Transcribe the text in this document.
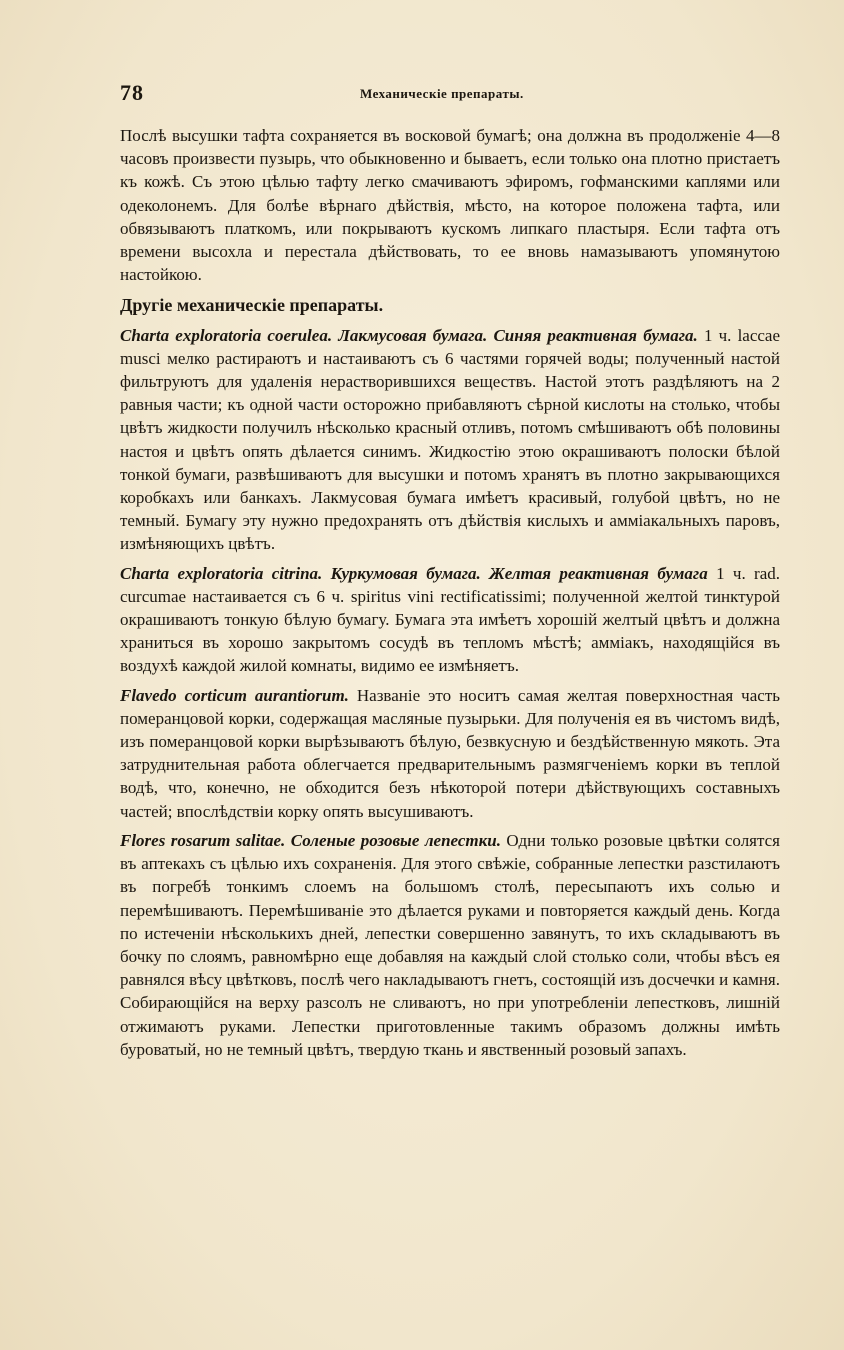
78	Механическіе препараты.

Послѣ высушки тафта сохраняется въ восковой бумагѣ; она должна въ продолженіе 4—8 часовъ произвести пузырь, что обыкновенно и бываетъ, если только она плотно пристаетъ къ кожѣ. Съ этою цѣлью тафту легко смачиваютъ эфиромъ, гофманскими каплями или одеколонемъ. Для болѣе вѣрнаго дѣйствія, мѣсто, на которое положена тафта, или обвязываютъ платкомъ, или покрываютъ кускомъ липкаго пластыря. Если тафта отъ времени высохла и перестала дѣйствовать, то ее вновь намазываютъ упомянутою настойкою.

Другіе механическіе препараты.

Charta exploratoria coerulea. Лакмусовая бумага. Синяя реактивная бумага. 1 ч. laccae musci мелко растираютъ и настаиваютъ съ 6 частями горячей воды; полученный настой фильтруютъ для удаленія нерастворившихся веществъ. Настой этотъ раздѣляютъ на 2 равныя части; къ одной части осторожно прибавляютъ сѣрной кислоты на столько, чтобы цвѣтъ жидкости получилъ нѣсколько красный отливъ, потомъ смѣшиваютъ обѣ половины настоя и цвѣтъ опять дѣлается синимъ. Жидкостію этою окрашиваютъ полоски бѣлой тонкой бумаги, развѣшиваютъ для высушки и потомъ хранятъ въ плотно закрывающихся коробкахъ или банкахъ. Лакмусовая бумага имѣетъ красивый, голубой цвѣтъ, но не темный. Бумагу эту нужно предохранять отъ дѣйствія кислыхъ и амміакальныхъ паровъ, измѣняющихъ цвѣтъ.

Charta exploratoria citrina. Куркумовая бумага. Желтая реактивная бумага 1 ч. rad. curcumae настаивается съ 6 ч. spiritus vini rectificatissimi; полученной желтой тинктурой окрашиваютъ тонкую бѣлую бумагу. Бумага эта имѣетъ хорошій желтый цвѣтъ и должна храниться въ хорошо закрытомъ сосудѣ въ тепломъ мѣстѣ; амміакъ, находящійся въ воздухѣ каждой жилой комнаты, видимо ее измѣняетъ.

Flavedo corticum aurantiorum. Названіе это носитъ самая желтая поверхностная часть померанцовой корки, содержащая масляные пузырьки. Для полученія ея въ чистомъ видѣ, изъ померанцовой корки вырѣзываютъ бѣлую, безвкусную и бездѣйственную мякоть. Эта затруднительная работа облегчается предварительнымъ размягченіемъ корки въ теплой водѣ, что, конечно, не обходится безъ нѣкоторой потери дѣйствующихъ составныхъ частей; впослѣдствіи корку опять высушиваютъ.

Flores rosarum salitae. Соленые розовые лепестки. Одни только розовые цвѣтки солятся въ аптекахъ съ цѣлью ихъ сохраненія. Для этого свѣжіе, собранные лепестки разстилаютъ въ погребѣ тонкимъ слоемъ на большомъ столѣ, пересыпаютъ ихъ солью и перемѣшиваютъ. Перемѣшиваніе это дѣлается руками и повторяется каждый день. Когда по истеченіи нѣсколькихъ дней, лепестки совершенно завянутъ, то ихъ складываютъ въ бочку по слоямъ, равномѣрно еще добавляя на каждый слой столько соли, чтобы вѣсъ ея равнялся вѣсу цвѣтковъ, послѣ чего накладываютъ гнетъ, состоящій изъ досчечки и камня. Собирающійся на верху разсолъ не сливаютъ, но при употребленіи лепестковъ, лишній отжимаютъ руками. Лепестки приготовленные такимъ образомъ должны имѣть буроватый, но не темный цвѣтъ, твердую ткань и явственный розовый запахъ.
